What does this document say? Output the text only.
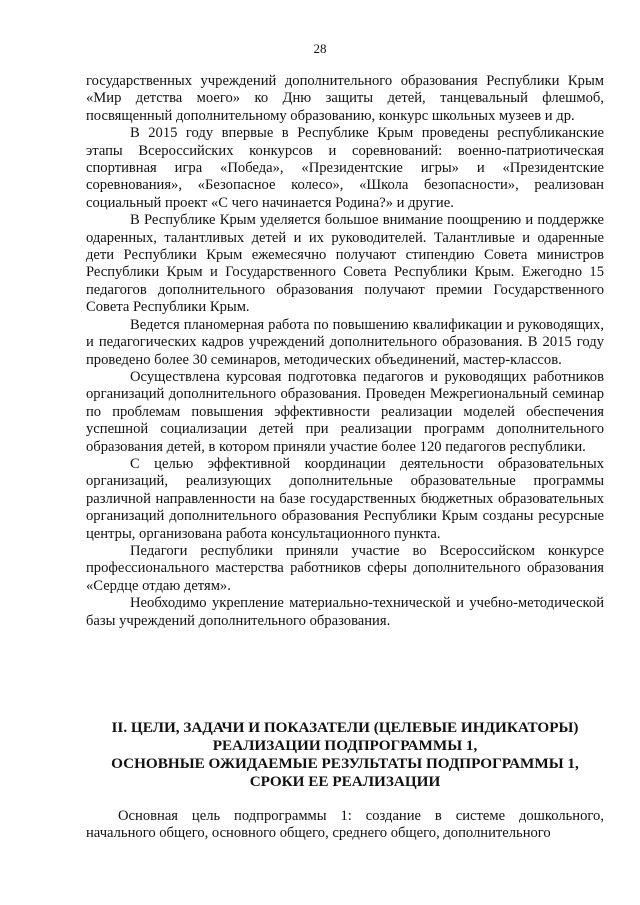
28

государственных учреждений дополнительного образования Республики Крым «Мир детства моего» ко Дню защиты детей, танцевальный флешмоб, посвященный дополнительному образованию, конкурс школьных музеев и др.

В 2015 году впервые в Республике Крым проведены республиканские этапы Всероссийских конкурсов и соревнований: военно-патриотическая спортивная игра «Победа», «Президентские игры» и «Президентские соревнования», «Безопасное колесо», «Школа безопасности», реализован социальный проект «С чего начинается Родина?» и другие.

В Республике Крым уделяется большое внимание поощрению и поддержке одаренных, талантливых детей и их руководителей. Талантливые и одаренные дети Республики Крым ежемесячно получают стипендию Совета министров Республики Крым и Государственного Совета Республики Крым. Ежегодно 15 педагогов дополнительного образования получают премии Государственного Совета Республики Крым.

Ведется планомерная работа по повышению квалификации и руководящих, и педагогических кадров учреждений дополнительного образования. В 2015 году проведено более 30 семинаров, методических объединений, мастер-классов.

Осуществлена курсовая подготовка педагогов и руководящих работников организаций дополнительного образования. Проведен Межрегиональный семинар по проблемам повышения эффективности реализации моделей обеспечения успешной социализации детей при реализации программ дополнительного образования детей, в котором приняли участие более 120 педагогов республики.

С целью эффективной координации деятельности образовательных организаций, реализующих дополнительные образовательные программы различной направленности на базе государственных бюджетных образовательных организаций дополнительного образования Республики Крым созданы ресурсные центры, организована работа консультационного пункта.

Педагоги республики приняли участие во Всероссийском конкурсе профессионального мастерства работников сферы дополнительного образования «Сердце отдаю детям».

Необходимо укрепление материально-технической и учебно-методической базы учреждений дополнительного образования.

II. ЦЕЛИ, ЗАДАЧИ И ПОКАЗАТЕЛИ (ЦЕЛЕВЫЕ ИНДИКАТОРЫ)
РЕАЛИЗАЦИИ ПОДПРОГРАММЫ 1,
ОСНОВНЫЕ ОЖИДАЕМЫЕ РЕЗУЛЬТАТЫ ПОДПРОГРАММЫ 1,
СРОКИ ЕЕ РЕАЛИЗАЦИИ

Основная цель подпрограммы 1: создание в системе дошкольного, начального общего, основного общего, среднего общего, дополнительного
